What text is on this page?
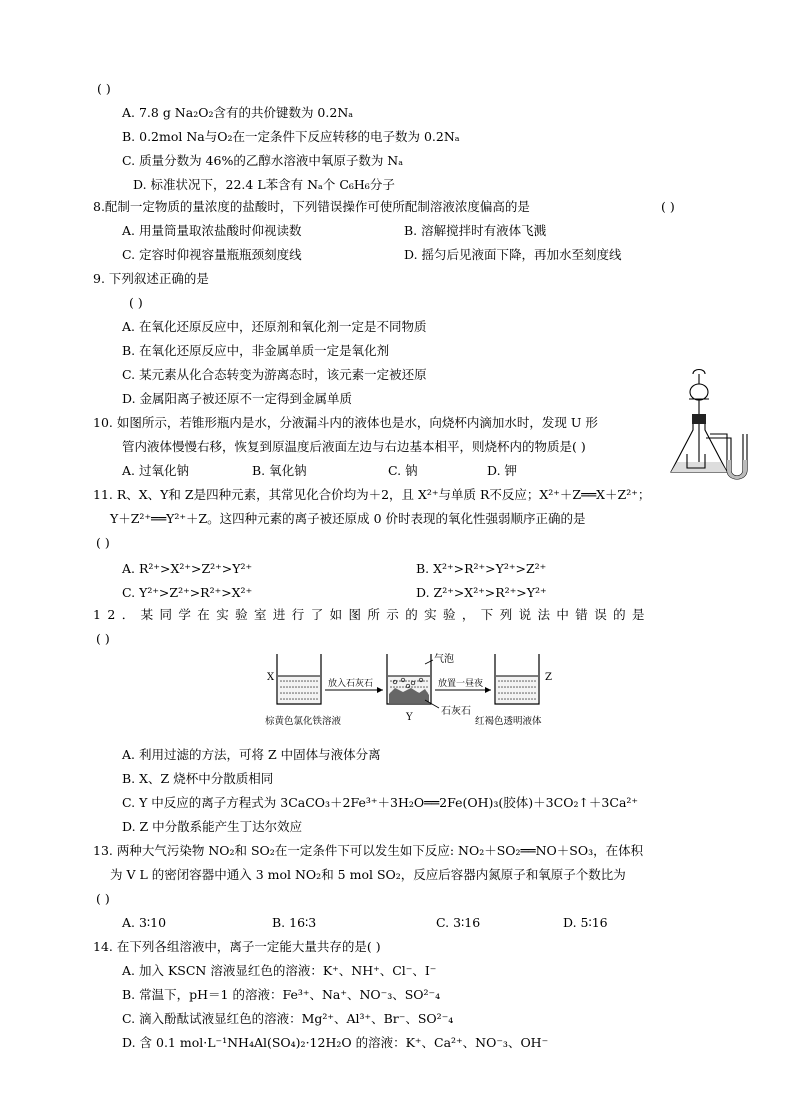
( )
A. 7.8 g Na₂O₂含有的共价键数为 0.2Nₐ
B. 0.2mol Na与O₂在一定条件下反应转移的电子数为 0.2Nₐ
C. 质量分数为 46%的乙醇水溶液中氧原子数为 Nₐ
D. 标准状况下，22.4 L苯含有 Nₐ个 C₆H₆分子
8.配制一定物质的量浓度的盐酸时，下列错误操作可使所配制溶液浓度偏高的是	( )
A. 用量筒量取浓盐酸时仰视读数	B. 溶解搅拌时有液体飞溅
C. 定容时仰视容量瓶瓶颈刻度线	D. 摇匀后见液面下降，再加水至刻度线
9. 下列叙述正确的是
( )
A. 在氧化还原反应中，还原剂和氧化剂一定是不同物质
B. 在氧化还原反应中，非金属单质一定是氧化剂
C. 某元素从化合态转变为游离态时，该元素一定被还原
D. 金属阳离子被还原不一定得到金属单质
10. 如图所示，若锥形瓶内是水，分液漏斗内的液体也是水，向烧杯内滴加水时，发现 U 形
管内液体慢慢右移，恢复到原温度后液面左边与右边基本相平，则烧杯内的物质是( )
A. 过氧化钠	B. 氧化钠	C. 钠	D. 钾
11. R、X、Y和 Z是四种元素，其常见化合价均为＋2，且 X²⁺与单质 R不反应；X²⁺＋Z══X＋Z²⁺；
Y＋Z²⁺══Y²⁺＋Z。这四种元素的离子被还原成 0 价时表现的氧化性强弱顺序正确的是
( )
A. R²⁺>X²⁺>Z²⁺>Y²⁺	B. X²⁺>R²⁺>Y²⁺>Z²⁺
C. Y²⁺>Z²⁺>R²⁺>X²⁺	D. Z²⁺>X²⁺>R²⁺>Y²⁺
12．某同学在实验室进行了如图所示的实验，下列说法中错误的是
( )
A. 利用过滤的方法，可将 Z 中固体与液体分离
B. X、Z 烧杯中分散质相同
C. Y 中反应的离子方程式为 3CaCO₃＋2Fe³⁺＋3H₂O══2Fe(OH)₃(胶体)＋3CO₂↑＋3Ca²⁺
D. Z 中分散系能产生丁达尔效应
13. 两种大气污染物 NO₂和 SO₂在一定条件下可以发生如下反应: NO₂＋SO₂══NO＋SO₃，在体积
为 V L 的密闭容器中通入 3 mol NO₂和 5 mol SO₂，反应后容器内氮原子和氧原子个数比为
( )
A. 3∶10	B. 16∶3	C. 3∶16	D. 5∶16
14. 在下列各组溶液中，离子一定能大量共存的是( )
A. 加入 KSCN 溶液显红色的溶液：K⁺、NH⁺、Cl⁻、I⁻
B. 常温下，pH＝1 的溶液：Fe³⁺、Na⁺、NO⁻₃、SO²⁻₄
C. 滴入酚酞试液显红色的溶液：Mg²⁺、Al³⁺、Br⁻、SO²⁻₄
D. 含 0.1 mol·L⁻¹NH₄Al(SO₄)₂·12H₂O 的溶液：K⁺、Ca²⁺、NO⁻₃、OH⁻
X
Y
Z
放入石灰石	放置一昼夜
气泡
石灰石
棕黄色氯化铁溶液	红褐色透明液体
